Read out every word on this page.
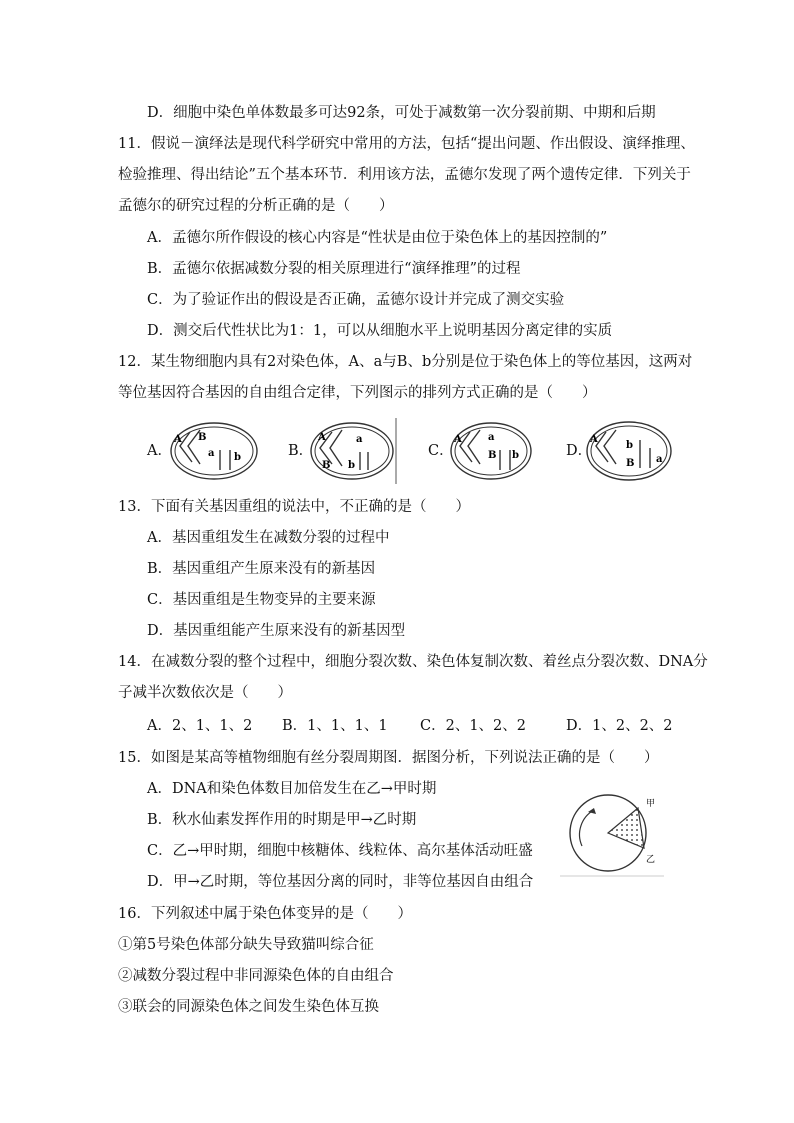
D．细胞中染色单体数最多可达92条，可处于减数第一次分裂前期、中期和后期
11．假说－演绎法是现代科学研究中常用的方法，包括“提出问题、作出假设、演绎推理、
检验推理、得出结论”五个基本环节．利用该方法，孟德尔发现了两个遗传定律．下列关于
孟德尔的研究过程的分析正确的是（　　）
A．孟德尔所作假设的核心内容是“性状是由位于染色体上的基因控制的”
B．孟德尔依据减数分裂的相关原理进行“演绎推理”的过程
C．为了验证作出的假设是否正确，孟德尔设计并完成了测交实验
D．测交后代性状比为1：1，可以从细胞水平上说明基因分离定律的实质
12．某生物细胞内具有2对染色体，A、a与B、b分别是位于染色体上的等位基因，这两对
等位基因符合基因的自由组合定律，下列图示的排列方式正确的是（　　）
A．
A B
a b	B．
A	a
B b
C．
A	a
B b	D．
A
b
B a
13．下面有关基因重组的说法中，不正确的是（　　）
A．基因重组发生在减数分裂的过程中
B．基因重组产生原来没有的新基因
C．基因重组是生物变异的主要来源
D．基因重组能产生原来没有的新基因型
14．在减数分裂的整个过程中，细胞分裂次数、染色体复制次数、着丝点分裂次数、DNA分
子减半次数依次是（　　）
A．2、1、1、2 B．1、1、1、1 C．2、1、2、2	D．1、2、2、2
15．如图是某高等植物细胞有丝分裂周期图．据图分析，下列说法正确的是（　　）
A．DNA和染色体数目加倍发生在乙→甲时期
B．秋水仙素发挥作用的时期是甲→乙时期
C．乙→甲时期，细胞中核糖体、线粒体、高尔基体活动旺盛
D．甲→乙时期，等位基因分离的同时，非等位基因自由组合
甲
乙
16．下列叙述中属于染色体变异的是（　　）
①第5号染色体部分缺失导致猫叫综合征
②减数分裂过程中非同源染色体的自由组合
③联会的同源染色体之间发生染色体互换
